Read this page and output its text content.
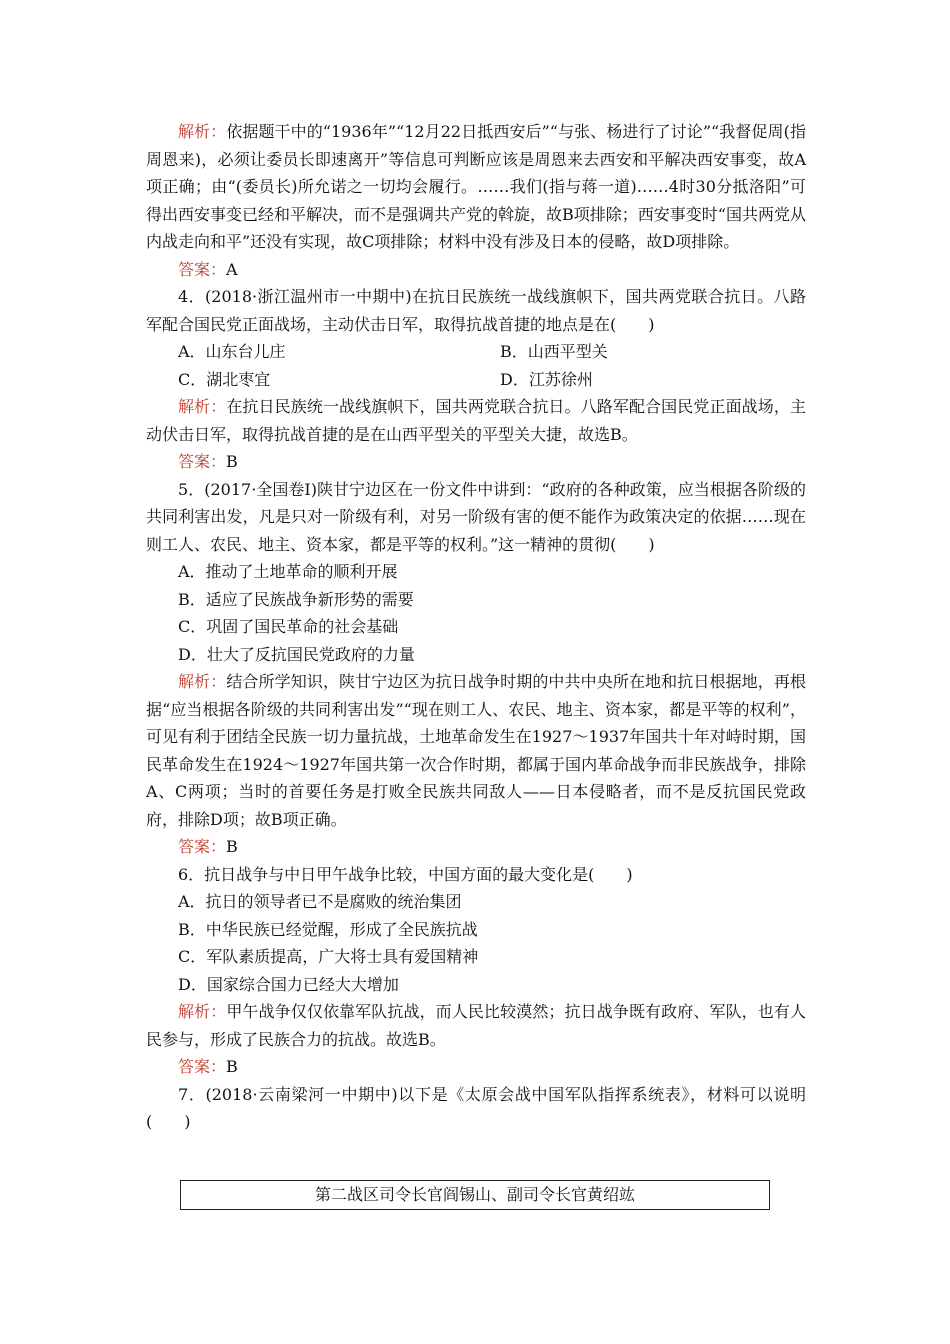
解析：依据题干中的“1936年”“12月22日抵西安后”“与张、杨进行了讨论”“我督促周(指周恩来)，必须让委员长即速离开”等信息可判断应该是周恩来去西安和平解决西安事变，故A项正确；由“(委员长)所允诺之一切均会履行。……我们(指与蒋一道)……4时30分抵洛阳”可得出西安事变已经和平解决，而不是强调共产党的斡旋，故B项排除；西安事变时“国共两党从内战走向和平”还没有实现，故C项排除；材料中没有涉及日本的侵略，故D项排除。

答案：A

4．(2018·浙江温州市一中期中)在抗日民族统一战线旗帜下，国共两党联合抗日。八路军配合国民党正面战场，主动伏击日军，取得抗战首捷的地点是在(　　)

A．山东台儿庄	B．山西平型关
C．湖北枣宜	D．江苏徐州

解析：在抗日民族统一战线旗帜下，国共两党联合抗日。八路军配合国民党正面战场，主动伏击日军，取得抗战首捷的是在山西平型关的平型关大捷，故选B。

答案：B

5．(2017·全国卷Ⅰ)陕甘宁边区在一份文件中讲到：“政府的各种政策，应当根据各阶级的共同利害出发，凡是只对一阶级有利，对另一阶级有害的便不能作为政策决定的依据……现在则工人、农民、地主、资本家，都是平等的权利。”这一精神的贯彻(　　)

A．推动了土地革命的顺利开展

B．适应了民族战争新形势的需要

C．巩固了国民革命的社会基础

D．壮大了反抗国民党政府的力量

解析：结合所学知识，陕甘宁边区为抗日战争时期的中共中央所在地和抗日根据地，再根据“应当根据各阶级的共同利害出发”“现在则工人、农民、地主、资本家，都是平等的权利”，可见有利于团结全民族一切力量抗战，土地革命发生在1927～1937年国共十年对峙时期，国民革命发生在1924～1927年国共第一次合作时期，都属于国内革命战争而非民族战争，排除A、C两项；当时的首要任务是打败全民族共同敌人——日本侵略者，而不是反抗国民党政府，排除D项；故B项正确。

答案：B

6．抗日战争与中日甲午战争比较，中国方面的最大变化是(　　)

A．抗日的领导者已不是腐败的统治集团

B．中华民族已经觉醒，形成了全民族抗战

C．军队素质提高，广大将士具有爱国精神

D．国家综合国力已经大大增加

解析：甲午战争仅仅依靠军队抗战，而人民比较漠然；抗日战争既有政府、军队，也有人民参与，形成了民族合力的抗战。故选B。

答案：B

7．(2018·云南梁河一中期中)以下是《太原会战中国军队指挥系统表》，材料可以说明(　　)

第二战区司令长官阎锡山、副司令长官黄绍竑
